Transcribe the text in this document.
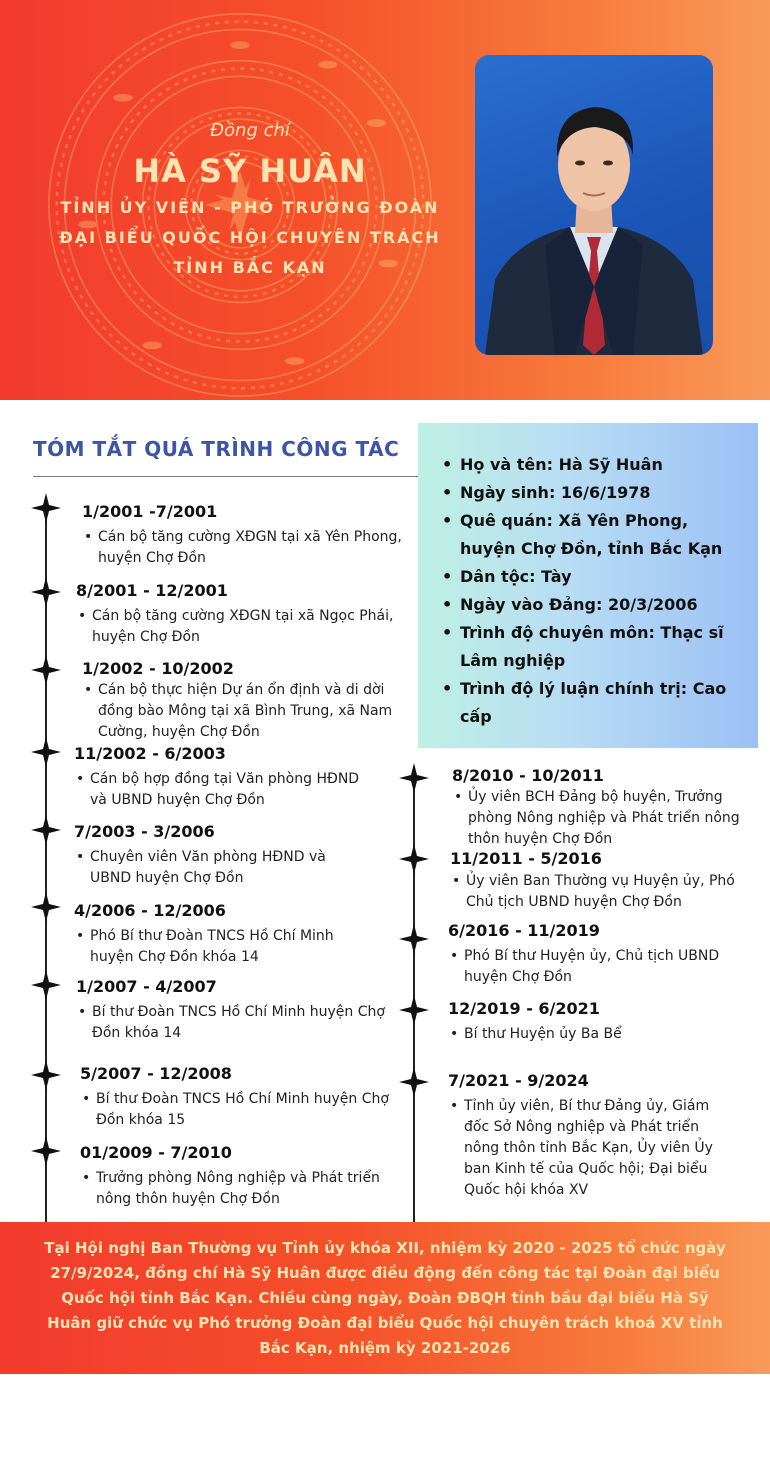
Đồng chí
HÀ SỸ HUÂN
TỈNH ỦY VIÊN - PHÓ TRƯỞNG ĐOÀN
ĐẠI BIỂU QUỐC HỘI CHUYÊN TRÁCH
TỈNH BẮC KẠN
TÓM TẮT QUÁ TRÌNH CÔNG TÁC
• Họ và tên: Hà Sỹ Huân
• Ngày sinh: 16/6/1978
• Quê quán: Xã Yên Phong, huyện Chợ Đồn, tỉnh Bắc Kạn
• Dân tộc: Tày
• Ngày vào Đảng: 20/3/2006
• Trình độ chuyên môn: Thạc sĩ Lâm nghiệp
• Trình độ lý luận chính trị: Cao cấp
1/2001 -7/2001
• Cán bộ tăng cường XĐGN tại xã Yên Phong, huyện Chợ Đồn
8/2001 - 12/2001
• Cán bộ tăng cường XĐGN tại xã Ngọc Phái, huyện Chợ Đồn
1/2002 - 10/2002
• Cán bộ thực hiện Dự án ổn định và di dời đồng bào Mông tại xã Bình Trung, xã Nam Cường, huyện Chợ Đồn
11/2002 - 6/2003
• Cán bộ hợp đồng tại Văn phòng HĐND và UBND huyện Chợ Đồn
7/2003 - 3/2006
• Chuyên viên Văn phòng HĐND và UBND huyện Chợ Đồn
4/2006 - 12/2006
• Phó Bí thư Đoàn TNCS Hồ Chí Minh huyện Chợ Đồn khóa 14
1/2007 - 4/2007
• Bí thư Đoàn TNCS Hồ Chí Minh huyện Chợ Đồn khóa 14
5/2007 - 12/2008
• Bí thư Đoàn TNCS Hồ Chí Minh huyện Chợ Đồn khóa 15
01/2009 - 7/2010
• Trưởng phòng Nông nghiệp và Phát triển nông thôn huyện Chợ Đồn
8/2010 - 10/2011
• Ủy viên BCH Đảng bộ huyện, Trưởng phòng Nông nghiệp và Phát triển nông thôn huyện Chợ Đồn
11/2011 - 5/2016
• Ủy viên Ban Thường vụ Huyện ủy, Phó Chủ tịch UBND huyện Chợ Đồn
6/2016 - 11/2019
• Phó Bí thư Huyện ủy, Chủ tịch UBND huyện Chợ Đồn
12/2019 - 6/2021
• Bí thư Huyện ủy Ba Bể
7/2021 - 9/2024
• Tỉnh ủy viên, Bí thư Đảng ủy, Giám đốc Sở Nông nghiệp và Phát triển nông thôn tỉnh Bắc Kạn, Ủy viên Ủy ban Kinh tế của Quốc hội; Đại biểu Quốc hội khóa XV

Tại Hội nghị Ban Thường vụ Tỉnh ủy khóa XII, nhiệm kỳ 2020 - 2025 tổ chức ngày 27/9/2024, đồng chí Hà Sỹ Huân được điều động đến công tác tại Đoàn đại biểu Quốc hội tỉnh Bắc Kạn. Chiều cùng ngày, Đoàn ĐBQH tỉnh bầu đại biểu Hà Sỹ Huân giữ chức vụ Phó trưởng Đoàn đại biểu Quốc hội chuyên trách khoá XV tỉnh Bắc Kạn, nhiệm kỳ 2021-2026
